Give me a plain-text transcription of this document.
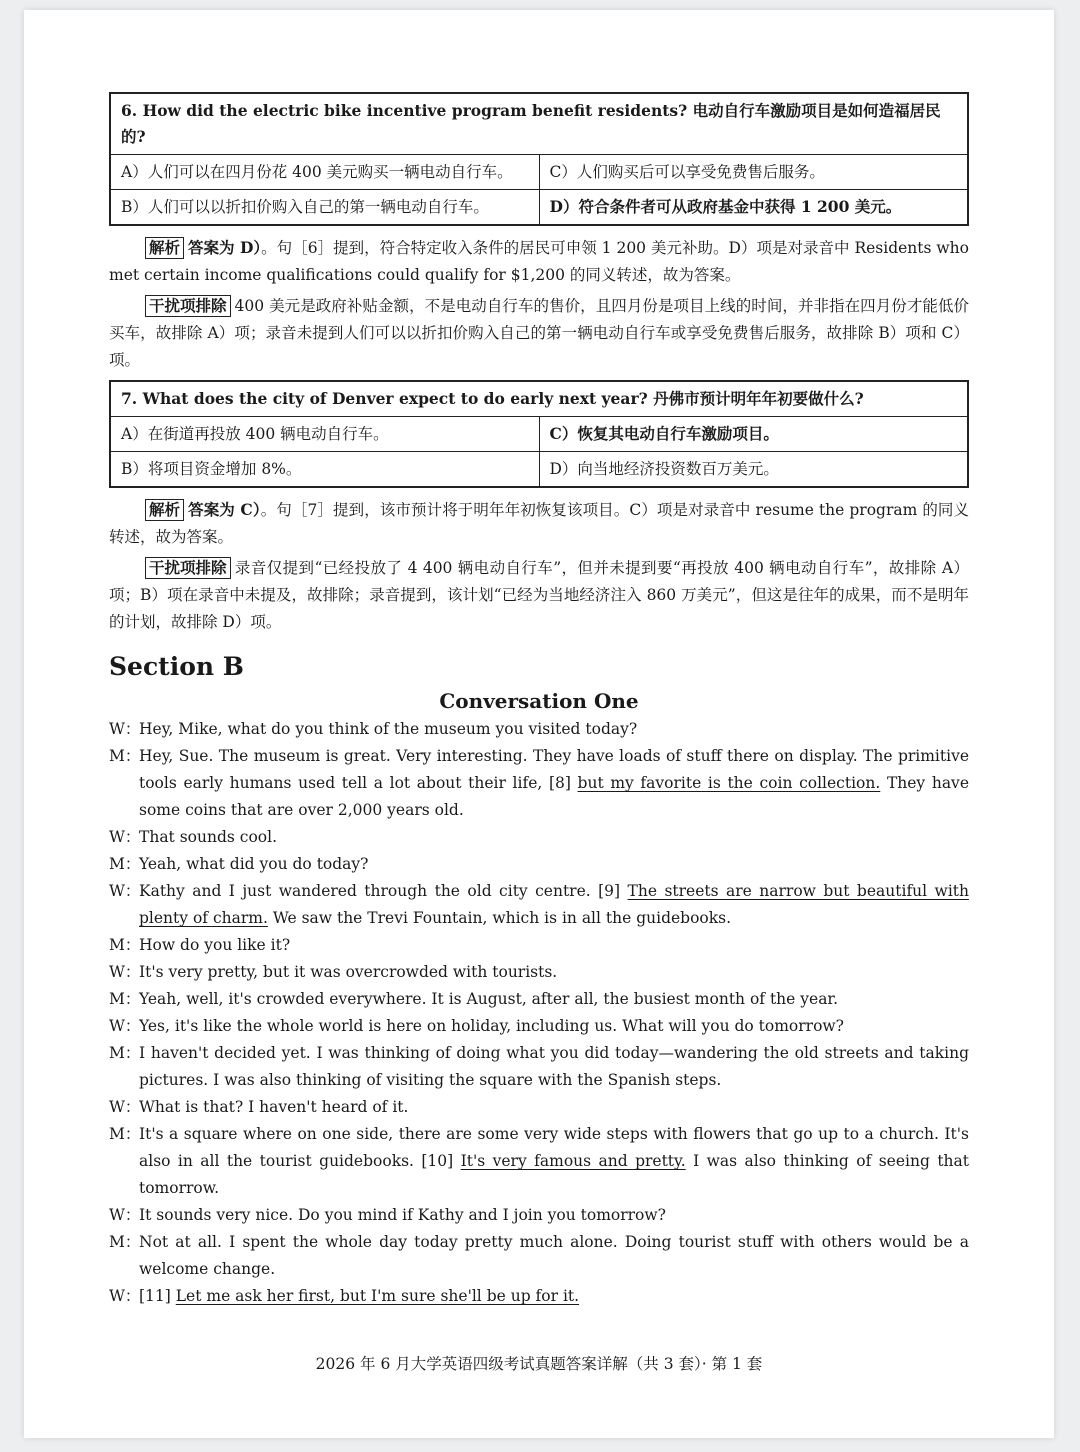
6. How did the electric bike incentive program benefit residents? 电动自行车激励项目是如何造福居民的?	
A）人们可以在四月份花 400 美元购买一辆电动自行车。	C）人们购买后可以享受免费售后服务。
B）人们可以以折扣价购入自己的第一辆电动自行车。	D）符合条件者可从政府基金中获得 1 200 美元。

解析 答案为 D）。句［6］提到，符合特定收入条件的居民可申领 1 200 美元补助。D）项是对录音中 Residents who met certain income qualifications could qualify for $1,200 的同义转述，故为答案。

干扰项排除 400 美元是政府补贴金额，不是电动自行车的售价，且四月份是项目上线的时间，并非指在四月份才能低价买车，故排除 A）项；录音未提到人们可以以折扣价购入自己的第一辆电动自行车或享受免费售后服务，故排除 B）项和 C）项。

7. What does the city of Denver expect to do early next year? 丹佛市预计明年年初要做什么?	
A）在街道再投放 400 辆电动自行车。	C）恢复其电动自行车激励项目。
B）将项目资金增加 8%。	D）向当地经济投资数百万美元。

解析 答案为 C）。句［7］提到，该市预计将于明年年初恢复该项目。C）项是对录音中 resume the program 的同义转述，故为答案。

干扰项排除 录音仅提到“已经投放了 4 400 辆电动自行车”，但并未提到要“再投放 400 辆电动自行车”，故排除 A）项；B）项在录音中未提及，故排除；录音提到，该计划“已经为当地经济注入 860 万美元”，但这是往年的成果，而不是明年的计划，故排除 D）项。

Section B
Conversation One
W：
Hey, Mike, what do you think of the museum you visited today?
M：
Hey, Sue. The museum is great. Very interesting. They have loads of stuff there on display. The primitive tools early humans used tell a lot about their life, [8] but my favorite is the coin collection. They have some coins that are over 2,000 years old.
W：
That sounds cool.
M：
Yeah, what did you do today?
W：
Kathy and I just wandered through the old city centre. [9] The streets are narrow but beautiful with plenty of charm. We saw the Trevi Fountain, which is in all the guidebooks.
M：
How do you like it?
W：
It's very pretty, but it was overcrowded with tourists.
M：
Yeah, well, it's crowded everywhere. It is August, after all, the busiest month of the year.
W：
Yes, it's like the whole world is here on holiday, including us. What will you do tomorrow?
M：
I haven't decided yet. I was thinking of doing what you did today—wandering the old streets and taking pictures. I was also thinking of visiting the square with the Spanish steps.
W：
What is that? I haven't heard of it.
M：
It's a square where on one side, there are some very wide steps with flowers that go up to a church. It's also in all the tourist guidebooks. [10] It's very famous and pretty. I was also thinking of seeing that tomorrow.
W：
It sounds very nice. Do you mind if Kathy and I join you tomorrow?
M：
Not at all. I spent the whole day today pretty much alone. Doing tourist stuff with others would be a welcome change.
W：
[11] Let me ask her first, but I'm sure she'll be up for it.
2026 年 6 月大学英语四级考试真题答案详解（共 3 套）· 第 1 套
